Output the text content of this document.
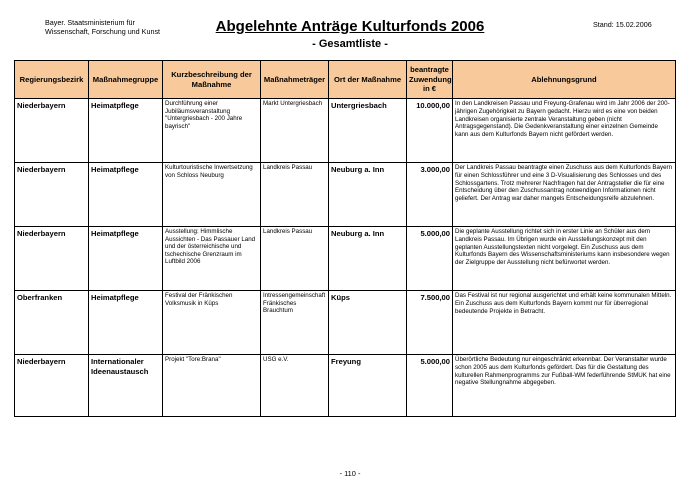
Bayer. Staatsministerium für
Wissenschaft, Forschung und Kunst	Abgelehnte Anträge Kulturfonds 2006
- Gesamtliste -
Stand: 15.02.2006
Regierungsbezirk	Maßnahmegruppe	Kurzbeschreibung der Maßnahme	Maßnahmeträger	Ort der Maßnahme	beantragte Zuwendung in €	Ablehnungsgrund
Niederbayern	Heimatpflege	Durchführung einer Jubiläumsveranstaltung "Untergriesbach - 200 Jahre bayrisch"	Markt Untergriesbach	Untergriesbach	10.000,00	In den Landkreisen Passau und Freyung-Grafenau wird im Jahr 2006 der 200-jährigen Zugehörigkeit zu Bayern gedacht. Hierzu wird es eine von beiden Landkreisen organisierte zentrale Veranstaltung geben (nicht Antragsgegenstand). Die Gedenkveranstaltung einer einzelnen Gemeinde kann aus dem Kulturfonds Bayern nicht gefördert werden.
Niederbayern	Heimatpflege	Kulturtouristische Inwertsetzung von Schloss Neuburg	Landkreis Passau	Neuburg a. Inn	3.000,00	Der Landkreis Passau beantragte einen Zuschuss aus dem Kulturfonds Bayern für einen Schlossführer und eine 3 D-Visualisierung des Schlosses und des Schlossgartens. Trotz mehrerer Nachfragen hat der Antragsteller die für eine Entscheidung über den Zuschussantrag notwendigen Informationen nicht geliefert. Der Antrag war daher mangels Entscheidungsreife abzulehnen.
Niederbayern	Heimatpflege	Ausstellung: Himmlische Aussichten - Das Passauer Land und der österreichische und tschechische Grenzraum im Luftbild 2006	Landkreis Passau	Neuburg a. Inn	5.000,00	Die geplante Ausstellung richtet sich in erster Linie an Schüler aus dem Landkreis Passau. Im Übrigen wurde ein Ausstellungskonzept mit den geplanten Ausstellungstexten nicht vorgelegt. Ein Zuschuss aus dem Kulturfonds Bayern des Wissenschaftsministeriums kann insbesondere wegen der Zielgruppe der Ausstellung nicht befürwortet werden.
Oberfranken	Heimatpflege	Festival der Fränkischen Volksmusik in Küps	Intressengemeinschaft Fränkisches Brauchtum	Küps	7.500,00	Das Festival ist nur regional ausgerichtet und erhält keine kommunalen Mitteln. Ein Zuschuss aus dem Kulturfonds Bayern kommt nur für überregional bedeutende Projekte in Betracht.
Niederbayern	Internationaler Ideenaustausch	Projekt "Tore:Brana"	USG e.V.	Freyung	5.000,00	Überörtliche Bedeutung nur eingeschränkt erkennbar. Der Veranstalter wurde schon 2005 aus dem Kulturfonds gefördert. Das für die Gestaltung des kulturellen Rahmenprogramms zur Fußball-WM federführende StMUK hat eine negative Stellungnahme abgegeben.
- 110 -
